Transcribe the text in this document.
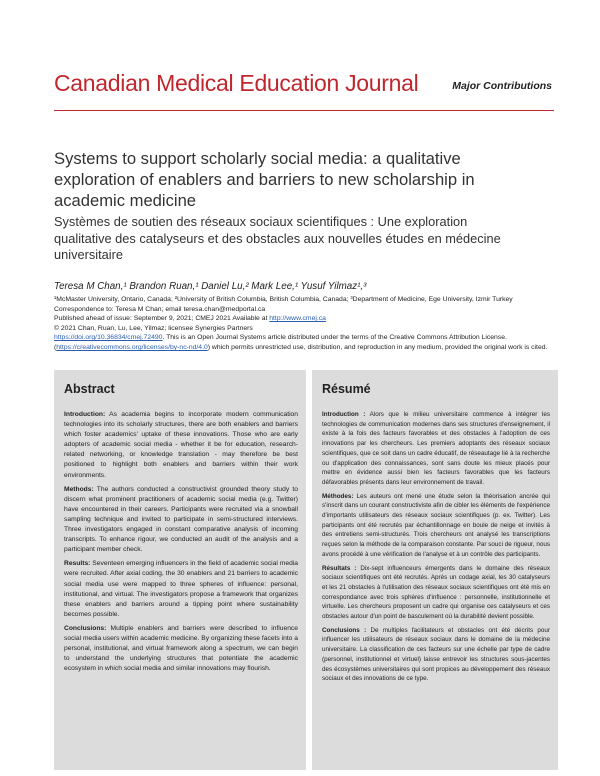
Canadian Medical Education Journal	Major Contributions
Systems to support scholarly social media: a qualitative exploration of enablers and barriers to new scholarship in academic medicine
Systèmes de soutien des réseaux sociaux scientifiques : Une exploration qualitative des catalyseurs et des obstacles aux nouvelles études en médecine universitaire
Teresa M Chan,¹ Brandon Ruan,¹ Daniel Lu,² Mark Lee,¹ Yusuf Yilmaz¹,³

¹McMaster University, Ontario, Canada; ²University of British Columbia, British Columbia, Canada; ³Department of Medicine, Ege University, Izmir Turkey

Correspondence to: Teresa M Chan; email teresa.chan@medportal.ca

Published ahead of issue: September 9, 2021; CMEJ 2021 Available at http://www.cmej.ca

© 2021 Chan, Ruan, Lu, Lee, Yilmaz; licensee Synergies Partners

https://doi.org/10.36834/cmej.72490. This is an Open Journal Systems article distributed under the terms of the Creative Commons Attribution License. (https://creativecommons.org/licenses/by-nc-nd/4.0) which permits unrestricted use, distribution, and reproduction in any medium, provided the original work is cited.

Abstract

Introduction: As academia begins to incorporate modern communication technologies into its scholarly structures, there are both enablers and barriers which foster academics' uptake of these innovations. Those who are early adopters of academic social media - whether it be for education, research-related networking, or knowledge translation - may therefore be best positioned to highlight both enablers and barriers within their work environments.

Methods: The authors conducted a constructivist grounded theory study to discern what prominent practitioners of academic social media (e.g. Twitter) have encountered in their careers. Participants were recruited via a snowball sampling technique and invited to participate in semi-structured interviews. Three investigators engaged in constant comparative analysis of incoming transcripts. To enhance rigour, we conducted an audit of the analysis and a participant member check.

Results: Seventeen emerging influencers in the field of academic social media were recruited. After axial coding, the 30 enablers and 21 barriers to academic social media use were mapped to three spheres of influence: personal, institutional, and virtual. The investigators propose a framework that organizes these enablers and barriers around a tipping point where sustainability becomes possible.

Conclusions: Multiple enablers and barriers were described to influence social media users within academic medicine. By organizing these facets into a personal, institutional, and virtual framework along a spectrum, we can begin to understand the underlying structures that potentiate the academic ecosystem in which social media and similar innovations may flourish.

Résumé

Introduction : Alors que le milieu universitaire commence à intégrer les technologies de communication modernes dans ses structures d'enseignement, il existe à la fois des facteurs favorables et des obstacles à l'adoption de ces innovations par les chercheurs. Les premiers adoptants des réseaux sociaux scientifiques, que ce soit dans un cadre éducatif, de réseautage lié à la recherche ou d'application des connaissances, sont sans doute les mieux placés pour mettre en évidence aussi bien les facteurs favorables que les facteurs défavorables présents dans leur environnement de travail.

Méthodes: Les auteurs ont mené une étude selon la théorisation ancrée qui s'inscrit dans un courant constructiviste afin de cibler les éléments de l'expérience d'importants utilisateurs des réseaux sociaux scientifiques (p. ex. Twitter). Les participants ont été recrutés par échantillonnage en boule de neige et invités à des entretiens semi-structurés. Trois chercheurs ont analysé les transcriptions reçues selon la méthode de la comparaison constante. Par souci de rigueur, nous avons procédé à une vérification de l'analyse et à un contrôle des participants.

Résultats : Dix-sept influenceurs émergents dans le domaine des réseaux sociaux scientifiques ont été recrutés. Après un codage axial, les 30 catalyseurs et les 21 obstacles à l'utilisation des réseaux sociaux scientifiques ont été mis en correspondance avec trois sphères d'influence : personnelle, institutionnelle et virtuelle. Les chercheurs proposent un cadre qui organise ces catalyseurs et ces obstacles autour d'un point de basculement où la durabilité devient possible.

Conclusions : De multiples facilitateurs et obstacles ont été décrits pour influencer les utilisateurs de réseaux sociaux dans le domaine de la médecine universitaire. La classification de ces facteurs sur une échelle par type de cadre (personnel, institutionnel et virtuel) laisse entrevoir les structures sous-jacentes des écosystèmes universitaires qui sont propices au développement des réseaux sociaux et des innovations de ce type.
